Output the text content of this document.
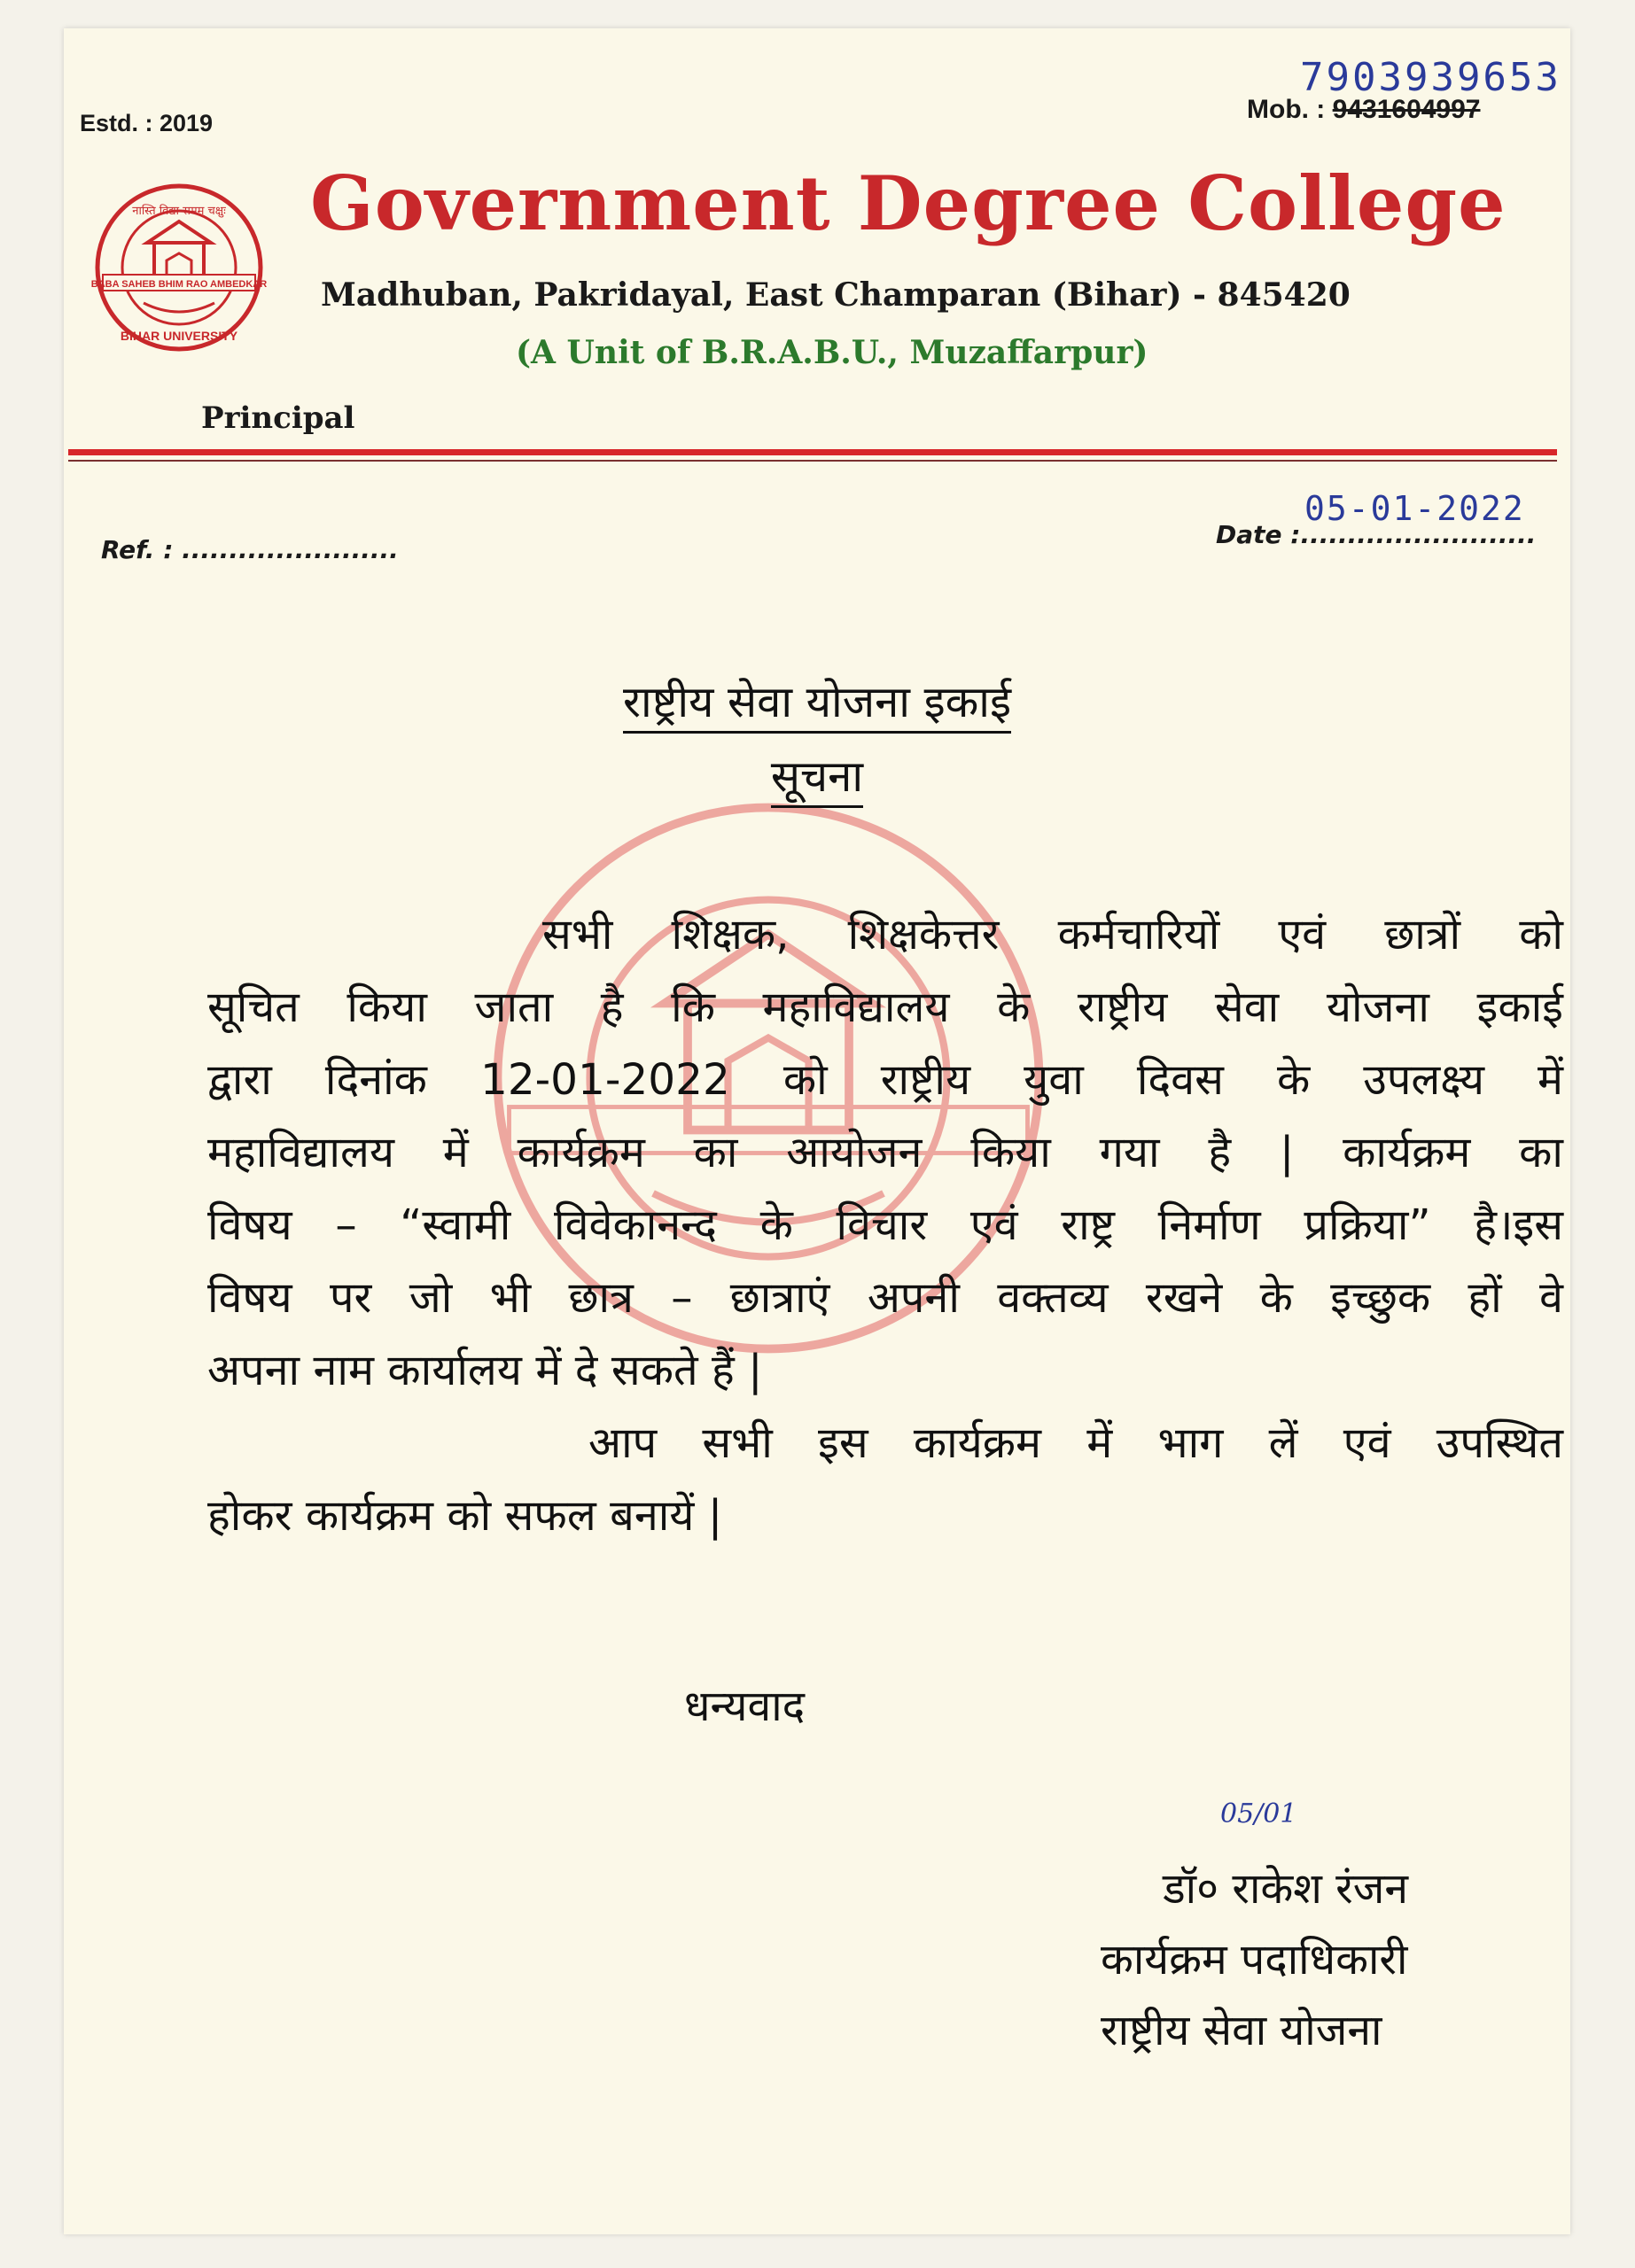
Estd. : 2019
7903939653
Mob. : 9431604997
BABA SAHEB BHIM RAO AMBEDKAR
नास्ति विद्या समम् चक्षुः
BIHAR UNIVERSITY
Government Degree College
Madhuban, Pakridayal, East Champaran (Bihar) - 845420
(A Unit of B.R.A.B.U., Muzaffarpur)
Principal
Ref. : .......................
05-01-2022
Date :.........................
राष्ट्रीय सेवा योजना इकाई
सूचना
सभी शिक्षक, शिक्षकेत्तर कर्मचारियों एवं छात्रों को
सूचित किया जाता है कि महाविद्यालय के राष्ट्रीय सेवा योजना इकाई
द्वारा दिनांक 12-01-2022 को राष्ट्रीय युवा दिवस के उपलक्ष्य में
महाविद्यालय में कार्यक्रम का आयोजन किया गया है | कार्यक्रम का
विषय – “स्वामी विवेकानन्द के विचार एवं राष्ट्र निर्माण प्रक्रिया” है।इस
विषय पर जो भी छात्र – छात्राएं अपनी वक्तव्य रखने के इच्छुक हों वे
अपना नाम कार्यालय में दे सकते हैं |
आप सभी इस कार्यक्रम में भाग लें एवं उपस्थित
होकर कार्यक्रम को सफल बनायें |
धन्यवाद
05/01
डॉ० राकेश रंजन
कार्यक्रम पदाधिकारी
राष्ट्रीय सेवा योजना
